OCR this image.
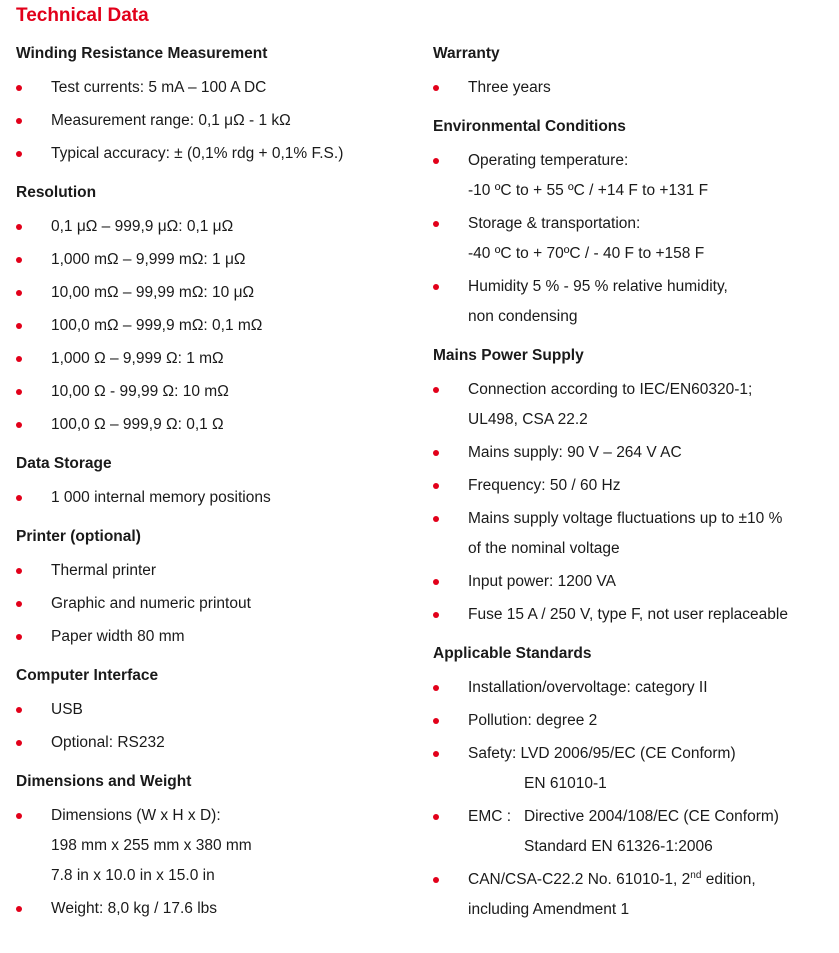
Technical Data
Winding Resistance Measurement
Test currents: 5 mA – 100 A DC
Measurement range: 0,1 μΩ - 1 kΩ
Typical accuracy: ± (0,1% rdg + 0,1% F.S.)
Resolution
0,1 μΩ – 999,9 μΩ: 0,1 μΩ
1,000 mΩ – 9,999 mΩ: 1 μΩ
10,00 mΩ – 99,99 mΩ: 10 μΩ
100,0 mΩ – 999,9 mΩ: 0,1 mΩ
1,000 Ω – 9,999 Ω: 1 mΩ
10,00 Ω - 99,99 Ω: 10 mΩ
100,0 Ω – 999,9 Ω: 0,1 Ω
Data Storage
1 000 internal memory positions
Printer (optional)
Thermal printer
Graphic and numeric printout
Paper width 80 mm
Computer Interface
USB
Optional: RS232
Dimensions and Weight
Dimensions (W x H x D):
198 mm x 255 mm x 380 mm
7.8 in x 10.0 in x 15.0 in
Weight: 8,0 kg / 17.6 lbs
Warranty
Three years
Environmental Conditions
Operating temperature:
-10 ºC to + 55 ºC / +14 F to +131 F
Storage & transportation:
-40 ºC to + 70ºC / - 40 F to +158 F
Humidity 5 % - 95 % relative humidity,
non condensing
Mains Power Supply
Connection according to IEC/EN60320-1;
UL498, CSA 22.2
Mains supply: 90 V – 264 V AC
Frequency: 50 / 60 Hz
Mains supply voltage fluctuations up to ±10 %
of the nominal voltage
Input power: 1200 VA
Fuse 15 A / 250 V, type F, not user replaceable
Applicable Standards
Installation/overvoltage: category II
Pollution: degree 2
Safety: LVD 2006/95/EC (CE Conform)
EN 61010-1
EMC :   Directive 2004/108/EC (CE Conform)
Standard EN 61326-1:2006
CAN/CSA-C22.2 No. 61010-1, 2nd edition,
including Amendment 1
